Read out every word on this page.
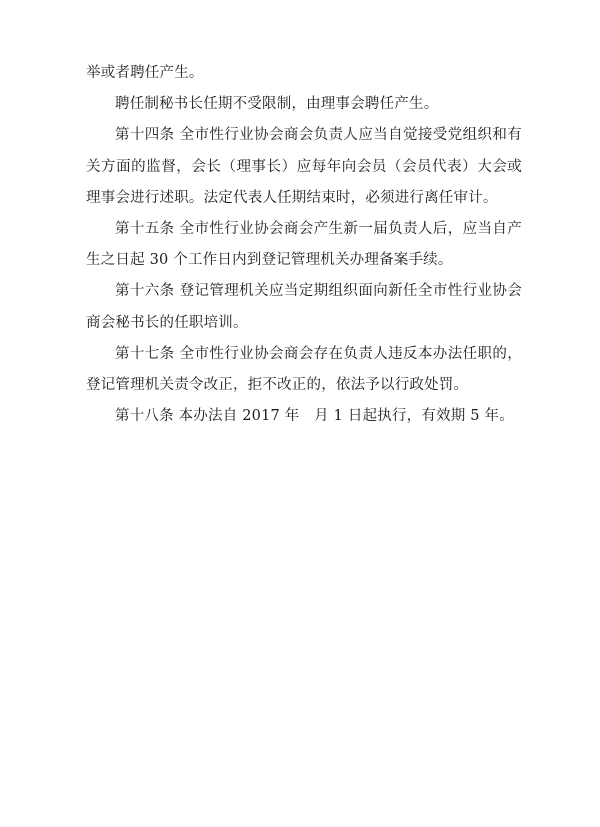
举或者聘任产生。

聘任制秘书长任期不受限制，由理事会聘任产生。

第十四条 全市性行业协会商会负责人应当自觉接受党组织和有关方面的监督，会长（理事长）应每年向会员（会员代表）大会或理事会进行述职。法定代表人任期结束时，必须进行离任审计。

第十五条 全市性行业协会商会产生新一届负责人后，应当自产生之日起 30 个工作日内到登记管理机关办理备案手续。

第十六条 登记管理机关应当定期组织面向新任全市性行业协会商会秘书长的任职培训。

第十七条 全市性行业协会商会存在负责人违反本办法任职的，登记管理机关责令改正，拒不改正的，依法予以行政处罚。

第十八条 本办法自 2017 年　月 1 日起执行，有效期 5 年。
